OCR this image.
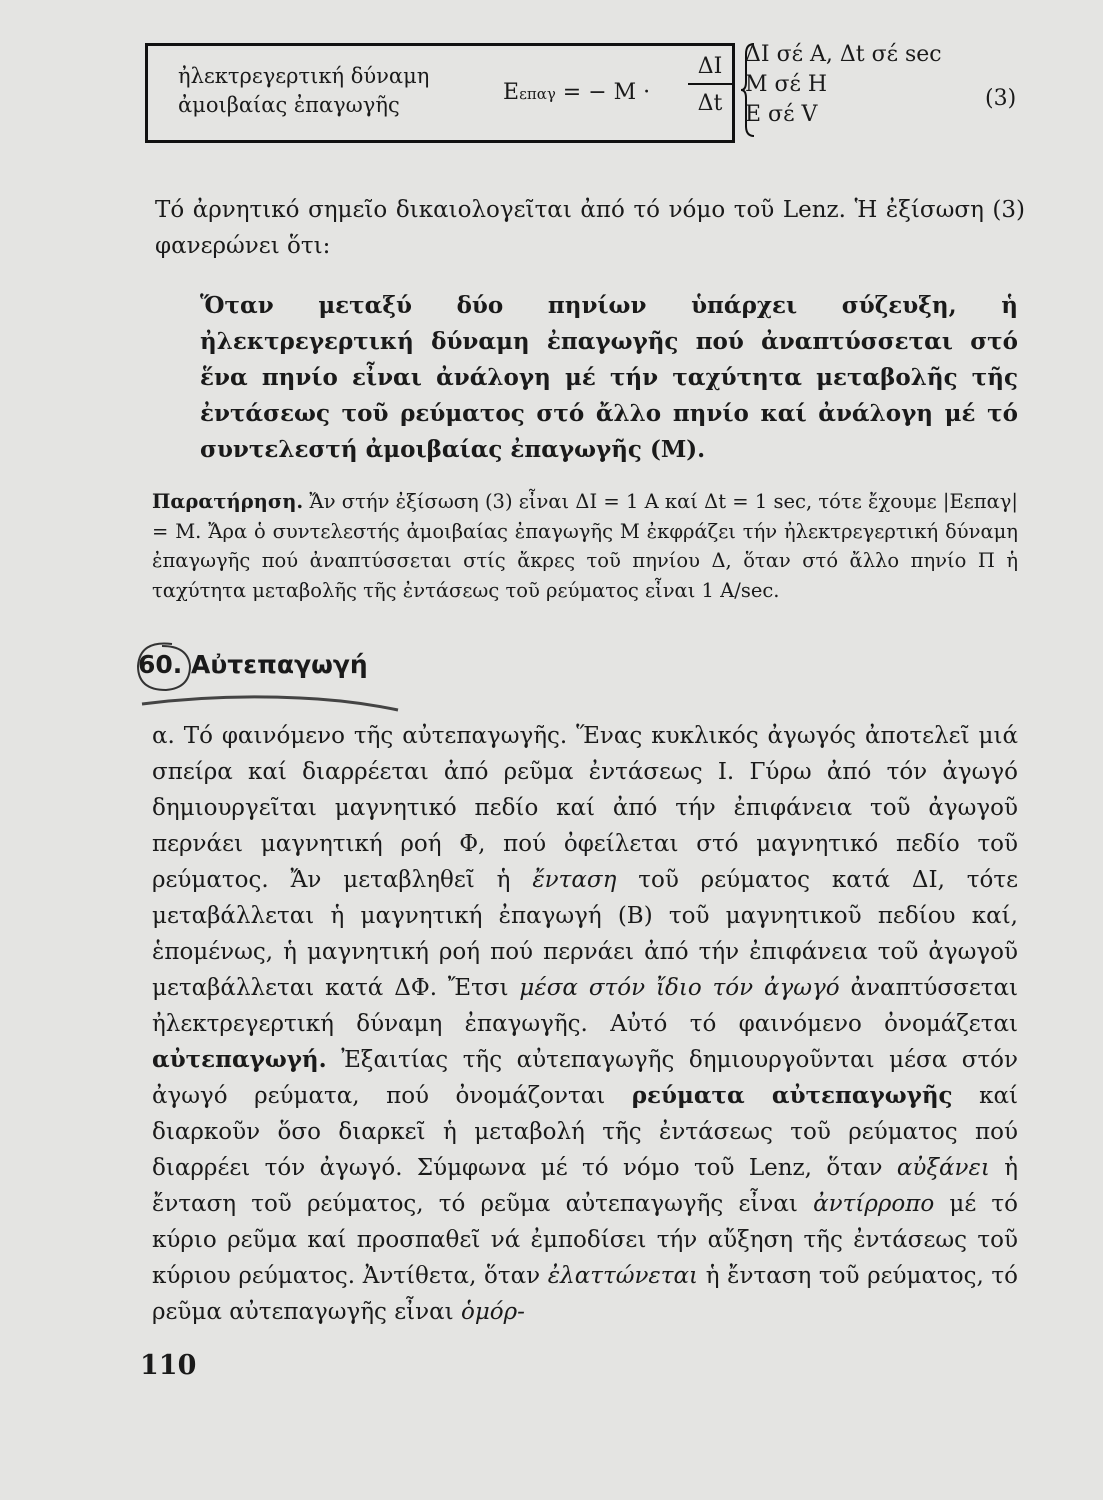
ἠλεκτρεγερτική δύναμη
ἀμοιβαίας ἐπαγωγῆς	Εεπαγ = − $M \cdot \frac{\Delta I}{\Delta t}$ ΔΙ σέ Α, Δt σέ sec
Μ σέ Η
Ε σέ V
(3)
Τό ἀρνητικό σημεῖο δικαιολογεῖται ἀπό τό νόμο τοῦ Lenz. Ἡ ἐξίσωση (3) φανερώνει ὅτι:
Ὅταν μεταξύ δύο πηνίων ὑπάρχει σύζευξη, ἡ ἠλεκτρεγερτική δύναμη ἐπαγωγῆς πού ἀναπτύσσεται στό ἕνα πηνίο εἶναι ἀνάλογη μέ τήν ταχύτητα μεταβολῆς τῆς ἐντάσεως τοῦ ρεύματος στό ἄλλο πηνίο καί ἀνάλογη μέ τό συντελεστή ἀμοιβαίας ἐπαγωγῆς (Μ).
Παρατήρηση. Ἄν στήν ἐξίσωση (3) εἶναι ΔΙ = 1 Α καί Δt = 1 sec, τότε ἔχουμε |Εεπαγ| = Μ. Ἄρα ὁ συντελεστής ἀμοιβαίας ἐπαγωγῆς Μ ἐκφράζει τήν ἠλεκτρεγερτική δύναμη ἐπαγωγῆς πού ἀναπτύσσεται στίς ἄκρες τοῦ πηνίου Δ, ὅταν στό ἄλλο πηνίο Π ἡ ταχύτητα μεταβολῆς τῆς ἐντάσεως τοῦ ρεύματος εἶναι 1 Α/sec.
60. Αὐτεπαγωγή
α. Τό φαινόμενο τῆς αὐτεπαγωγῆς. Ἕνας κυκλικός ἀγωγός ἀποτελεῖ μιά σπείρα καί διαρρέεται ἀπό ρεῦμα ἐντάσεως Ι. Γύρω ἀπό τόν ἀγωγό δημιουργεῖται μαγνητικό πεδίο καί ἀπό τήν ἐπιφάνεια τοῦ ἀγωγοῦ περνάει μαγνητική ροή Φ, πού ὀφείλεται στό μαγνητικό πεδίο τοῦ ρεύματος. Ἄν μεταβληθεῖ ἡ ἔνταση τοῦ ρεύματος κατά ΔΙ, τότε μεταβάλλεται ἡ μαγνητική ἐπαγωγή (Β) τοῦ μαγνητικοῦ πεδίου καί, ἑπομένως, ἡ μαγνητική ροή πού περνάει ἀπό τήν ἐπιφάνεια τοῦ ἀγωγοῦ μεταβάλλεται κατά ΔΦ. Ἔτσι μέσα στόν ἴδιο τόν ἀγωγό ἀναπτύσσεται ἠλεκτρεγερτική δύναμη ἐπαγωγῆς. Αὐτό τό φαινόμενο ὀνομάζεται αὐτεπαγωγή. Ἐξαιτίας τῆς αὐτεπαγωγῆς δημιουργοῦνται μέσα στόν ἀγωγό ρεύματα, πού ὀνομάζονται ρεύματα αὐτεπαγωγῆς καί διαρκοῦν ὅσο διαρκεῖ ἡ μεταβολή τῆς ἐντάσεως τοῦ ρεύματος πού διαρρέει τόν ἀγωγό. Σύμφωνα μέ τό νόμο τοῦ Lenz, ὅταν αὐξάνει ἡ ἔνταση τοῦ ρεύματος, τό ρεῦμα αὐτεπαγωγῆς εἶναι ἀντίρροπο μέ τό κύριο ρεῦμα καί προσπαθεῖ νά ἐμποδίσει τήν αὔξηση τῆς ἐντάσεως τοῦ κύριου ρεύματος. Ἀντίθετα, ὅταν ἐλαττώνεται ἡ ἔνταση τοῦ ρεύματος, τό ρεῦμα αὐτεπαγωγῆς εἶναι ὁμόρ-
110
